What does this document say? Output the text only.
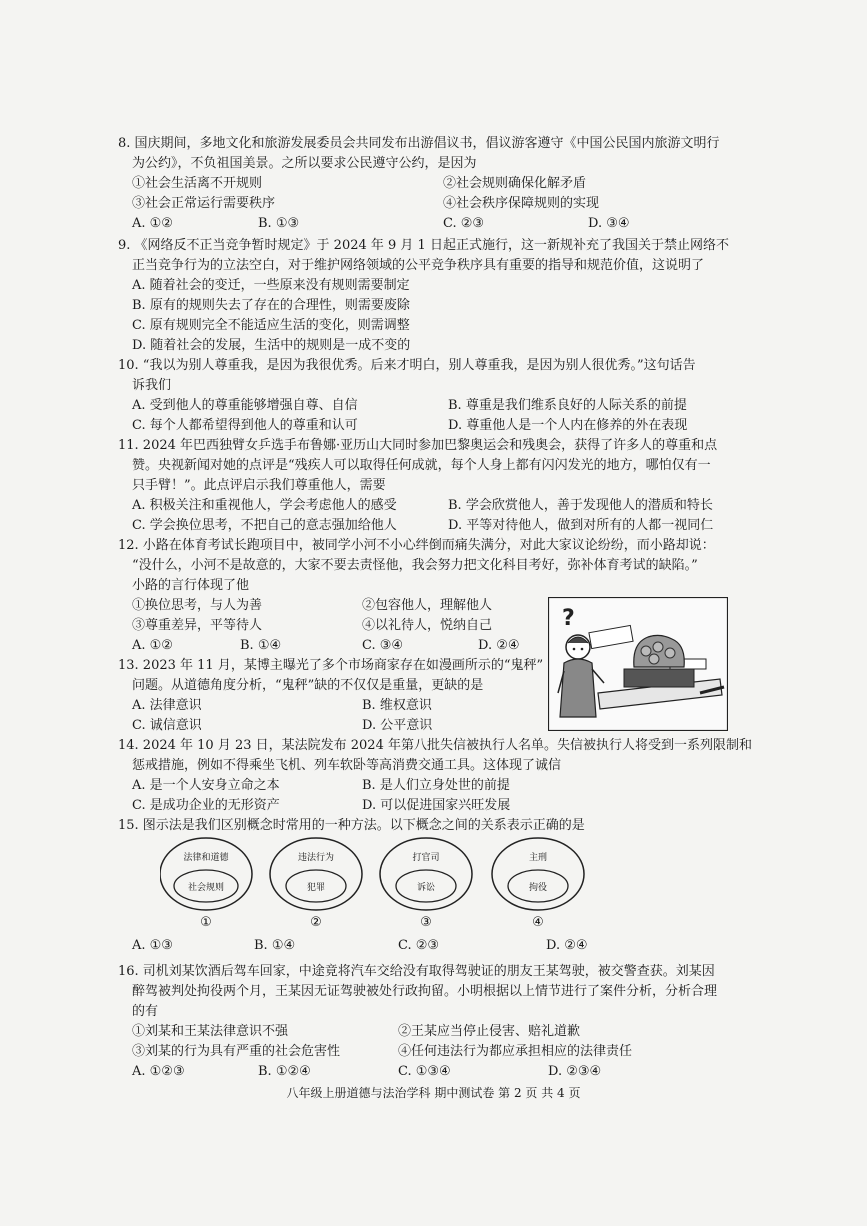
8. 国庆期间，多地文化和旅游发展委员会共同发布出游倡议书，倡议游客遵守《中国公民国内旅游文明行

为公约》，不负祖国美景。之所以要求公民遵守公约，是因为

①社会生活离不开规则	②社会规则确保化解矛盾
③社会正常运行需要秩序	④社会秩序保障规则的实现
A. ①②	B. ①③	C. ②③	D. ③④

9. 《网络反不正当竞争暂时规定》于 2024 年 9 月 1 日起正式施行，这一新规补充了我国关于禁止网络不

正当竞争行为的立法空白，对于维护网络领域的公平竞争秩序具有重要的指导和规范价值，这说明了

A. 随着社会的变迁，一些原来没有规则需要制定

B. 原有的规则失去了存在的合理性，则需要废除

C. 原有规则完全不能适应生活的变化，则需调整

D. 随着社会的发展，生活中的规则是一成不变的

10. “我以为别人尊重我，是因为我很优秀。后来才明白，别人尊重我，是因为别人很优秀。”这句话告

诉我们

A. 受到他人的尊重能够增强自尊、自信	B. 尊重是我们维系良好的人际关系的前提
C. 每个人都希望得到他人的尊重和认可	D. 尊重他人是一个人内在修养的外在表现

11. 2024 年巴西独臂女乒选手布鲁娜·亚历山大同时参加巴黎奥运会和残奥会，获得了许多人的尊重和点

赞。央视新闻对她的点评是“残疾人可以取得任何成就，每个人身上都有闪闪发光的地方，哪怕仅有一

只手臂！”。此点评启示我们尊重他人，需要

A. 积极关注和重视他人，学会考虑他人的感受	B. 学会欣赏他人，善于发现他人的潜质和特长
C. 学会换位思考，不把自己的意志强加给他人	D. 平等对待他人，做到对所有的人都一视同仁

12. 小路在体育考试长跑项目中，被同学小河不小心绊倒而痛失满分，对此大家议论纷纷，而小路却说：

“没什么，小河不是故意的，大家不要去责怪他，我会努力把文化科目考好，弥补体育考试的缺陷。”

小路的言行体现了他

①换位思考，与人为善	②包容他人，理解他人
③尊重差异，平等待人	④以礼待人，悦纳自己
A. ①②	B. ①④	C. ③④	D. ②④

13. 2023 年 11 月，某博主曝光了多个市场商家存在如漫画所示的“鬼秤”

问题。从道德角度分析，“鬼秤”缺的不仅仅是重量，更缺的是

A. 法律意识	B. 维权意识
C. 诚信意识	D. 公平意识
?

14. 2024 年 10 月 23 日，某法院发布 2024 年第八批失信被执行人名单。失信被执行人将受到一系列限制和

惩戒措施，例如不得乘坐飞机、列车软卧等高消费交通工具。这体现了诚信

A. 是一个人安身立命之本	B. 是人们立身处世的前提
C. 是成功企业的无形资产	D. 可以促进国家兴旺发展

15. 图示法是我们区别概念时常用的一种方法。以下概念之间的关系表示正确的是

法律和道德
社会规则
①
违法行为
犯罪
②
打官司
诉讼
③
主刑
拘役
④
A. ①③	B. ①④	C. ②③	D. ②④

16. 司机刘某饮酒后驾车回家，中途竟将汽车交给没有取得驾驶证的朋友王某驾驶，被交警查获。刘某因

醉驾被判处拘役两个月，王某因无证驾驶被处行政拘留。小明根据以上情节进行了案件分析，分析合理

的有

①刘某和王某法律意识不强	②王某应当停止侵害、赔礼道歉
③刘某的行为具有严重的社会危害性	④任何违法行为都应承担相应的法律责任
A. ①②③	B. ①②④	C. ①③④	D. ②③④
八年级上册道德与法治学科 期中测试卷 第 2 页 共 4 页
